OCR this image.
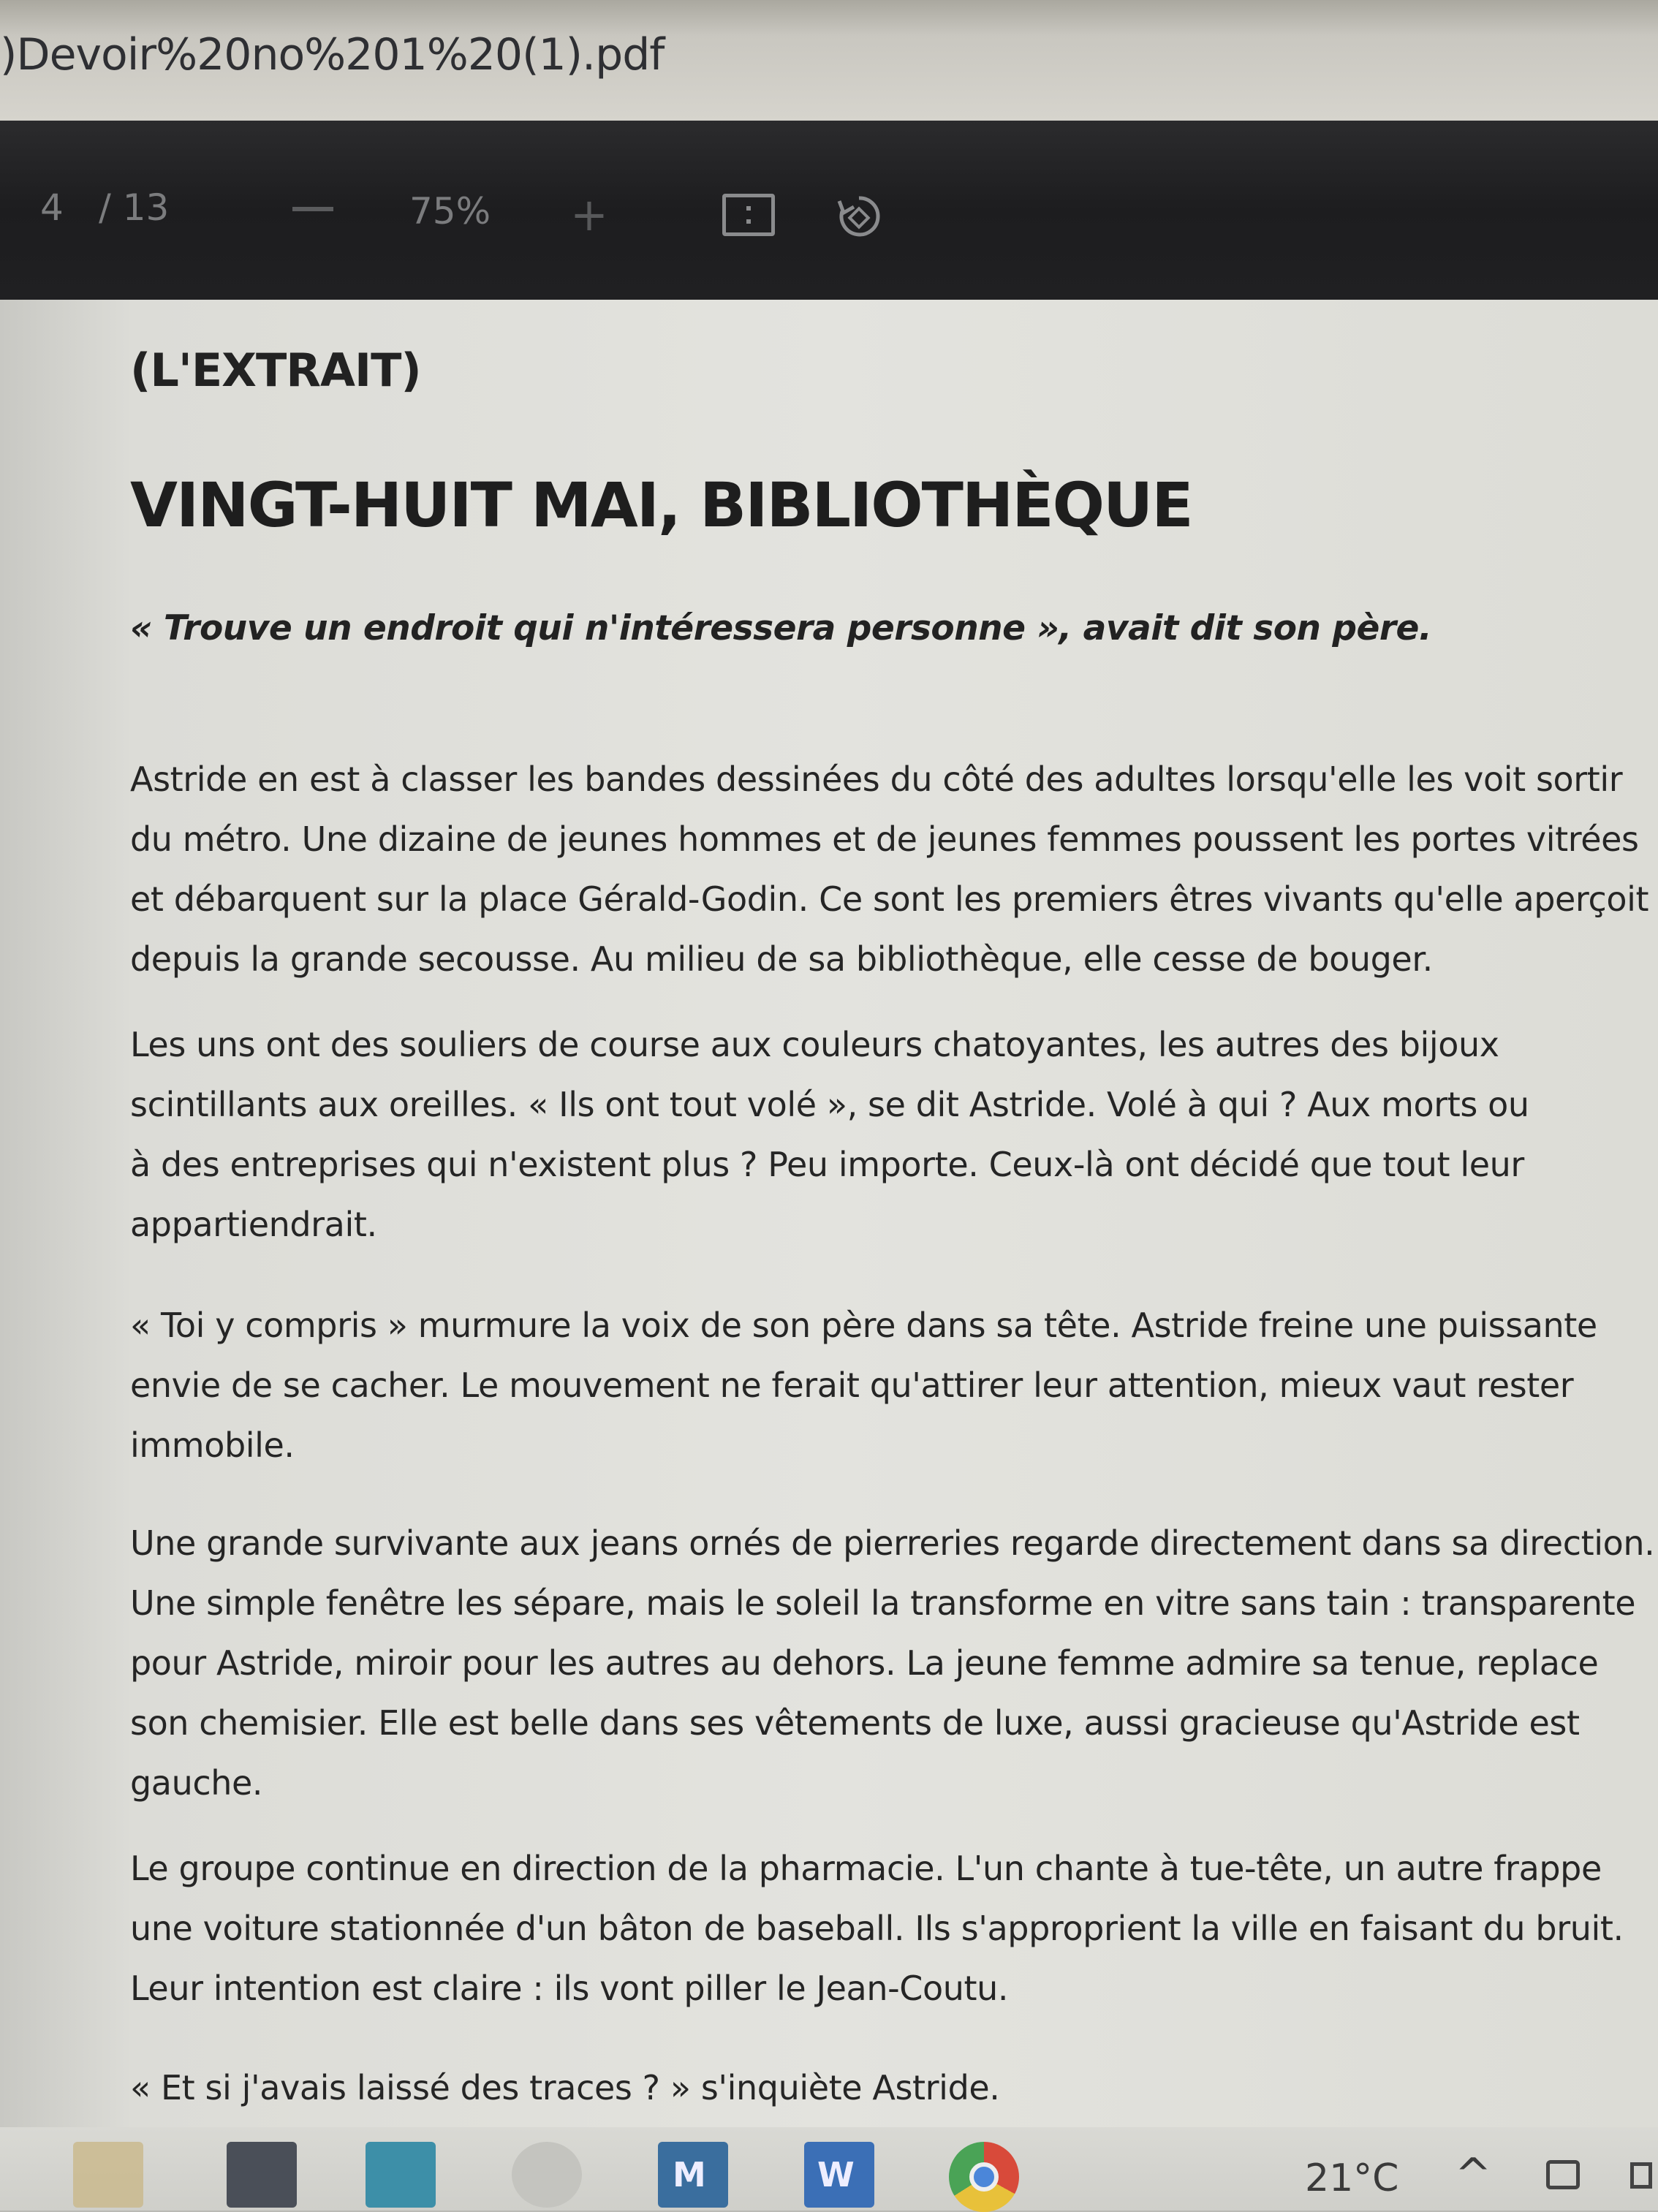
)Devoir%20no%201%20(1).pdf
4 / 13	75% +
(L'EXTRAIT)
VINGT-HUIT MAI, BIBLIOTHÈQUE
« Trouve un endroit qui n'intéressera personne », avait dit son père.
Astride en est à classer les bandes dessinées du côté des adultes lorsqu'elle les voit sortir
du métro. Une dizaine de jeunes hommes et de jeunes femmes poussent les portes vitrées
et débarquent sur la place Gérald-Godin. Ce sont les premiers êtres vivants qu'elle aperçoit
depuis la grande secousse. Au milieu de sa bibliothèque, elle cesse de bouger.
Les uns ont des souliers de course aux couleurs chatoyantes, les autres des bijoux
scintillants aux oreilles. « Ils ont tout volé », se dit Astride. Volé à qui ? Aux morts ou
à des entreprises qui n'existent plus ? Peu importe. Ceux-là ont décidé que tout leur
appartiendrait.
« Toi y compris » murmure la voix de son père dans sa tête. Astride freine une puissante
envie de se cacher. Le mouvement ne ferait qu'attirer leur attention, mieux vaut rester
immobile.
Une grande survivante aux jeans ornés de pierreries regarde directement dans sa direction.
Une simple fenêtre les sépare, mais le soleil la transforme en vitre sans tain : transparente
pour Astride, miroir pour les autres au dehors. La jeune femme admire sa tenue, replace
son chemisier. Elle est belle dans ses vêtements de luxe, aussi gracieuse qu'Astride est
gauche.
Le groupe continue en direction de la pharmacie. L'un chante à tue-tête, un autre frappe
une voiture stationnée d'un bâton de baseball. Ils s'approprient la ville en faisant du bruit.
Leur intention est claire : ils vont piller le Jean-Coutu.
« Et si j'avais laissé des traces ? » s'inquiète Astride.
M	W	21°C ^
